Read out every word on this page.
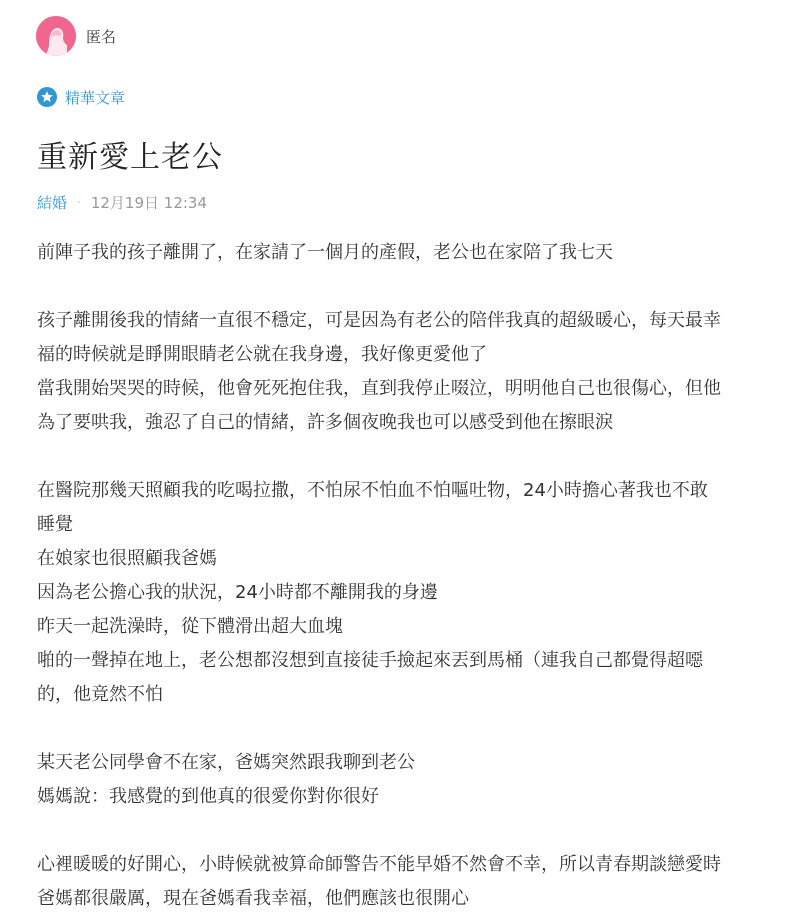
匿名
精華文章
重新愛上老公
結婚 · 12月19日 12:34

前陣子我的孩子離開了，在家請了一個月的產假，老公也在家陪了我七天

孩子離開後我的情緒一直很不穩定，可是因為有老公的陪伴我真的超級暖心，每天最幸

福的時候就是睜開眼睛老公就在我身邊，我好像更愛他了

當我開始哭哭的時候，他會死死抱住我，直到我停止啜泣，明明他自己也很傷心，但他

為了要哄我，強忍了自己的情緒，許多個夜晚我也可以感受到他在擦眼淚

在醫院那幾天照顧我的吃喝拉撒，不怕尿不怕血不怕嘔吐物，24小時擔心著我也不敢

睡覺

在娘家也很照顧我爸媽

因為老公擔心我的狀況，24小時都不離開我的身邊

昨天一起洗澡時，從下體滑出超大血塊

啪的一聲掉在地上，老公想都沒想到直接徒手撿起來丟到馬桶（連我自己都覺得超噁

的，他竟然不怕

某天老公同學會不在家，爸媽突然跟我聊到老公

媽媽說：我感覺的到他真的很愛你對你很好

心裡暖暖的好開心，小時候就被算命師警告不能早婚不然會不幸，所以青春期談戀愛時

爸媽都很嚴厲，現在爸媽看我幸福，他們應該也很開心
